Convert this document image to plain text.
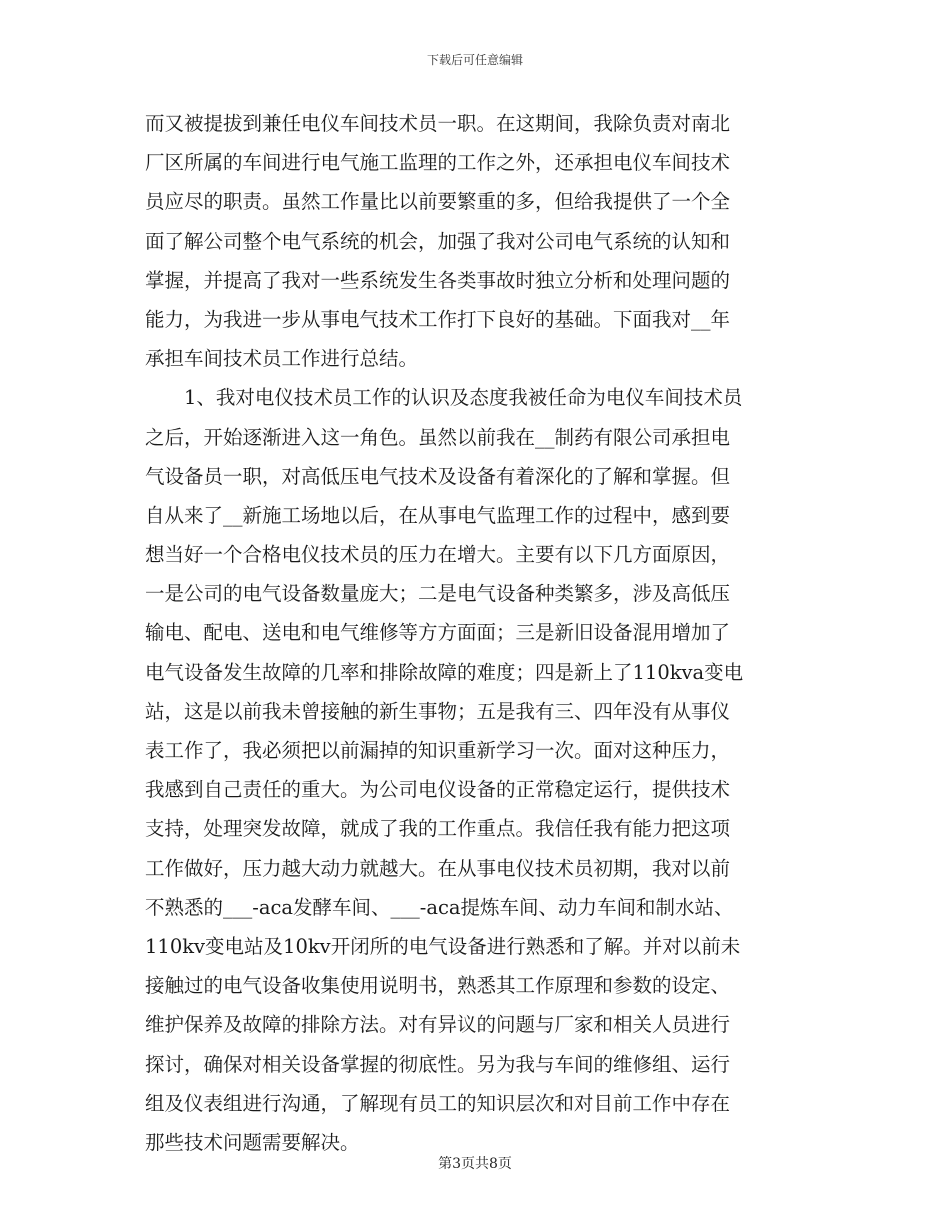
下载后可任意编辑
而又被提拔到兼任电仪车间技术员一职。在这期间，我除负责对南北
厂区所属的车间进行电气施工监理的工作之外，还承担电仪车间技术
员应尽的职责。虽然工作量比以前要繁重的多，但给我提供了一个全
面了解公司整个电气系统的机会，加强了我对公司电气系统的认知和
掌握，并提高了我对一些系统发生各类事故时独立分析和处理问题的
能力，为我进一步从事电气技术工作打下良好的基础。下面我对__年
承担车间技术员工作进行总结。
　　1、我对电仪技术员工作的认识及态度我被任命为电仪车间技术员
之后，开始逐渐进入这一角色。虽然以前我在__制药有限公司承担电
气设备员一职，对高低压电气技术及设备有着深化的了解和掌握。但
自从来了__新施工场地以后，在从事电气监理工作的过程中，感到要
想当好一个合格电仪技术员的压力在增大。主要有以下几方面原因，
一是公司的电气设备数量庞大；二是电气设备种类繁多，涉及高低压
输电、配电、送电和电气维修等方方面面；三是新旧设备混用增加了
电气设备发生故障的几率和排除故障的难度；四是新上了110kva变电
站，这是以前我未曾接触的新生事物；五是我有三、四年没有从事仪
表工作了，我必须把以前漏掉的知识重新学习一次。面对这种压力，
我感到自己责任的重大。为公司电仪设备的正常稳定运行，提供技术
支持，处理突发故障，就成了我的工作重点。我信任我有能力把这项
工作做好，压力越大动力就越大。在从事电仪技术员初期，我对以前
不熟悉的___-aca发酵车间、___-aca提炼车间、动力车间和制水站、
110kv变电站及10kv开闭所的电气设备进行熟悉和了解。并对以前未
接触过的电气设备收集使用说明书，熟悉其工作原理和参数的设定、
维护保养及故障的排除方法。对有异议的问题与厂家和相关人员进行
探讨，确保对相关设备掌握的彻底性。另为我与车间的维修组、运行
组及仪表组进行沟通，了解现有员工的知识层次和对目前工作中存在
那些技术问题需要解决。
第3页共8页
